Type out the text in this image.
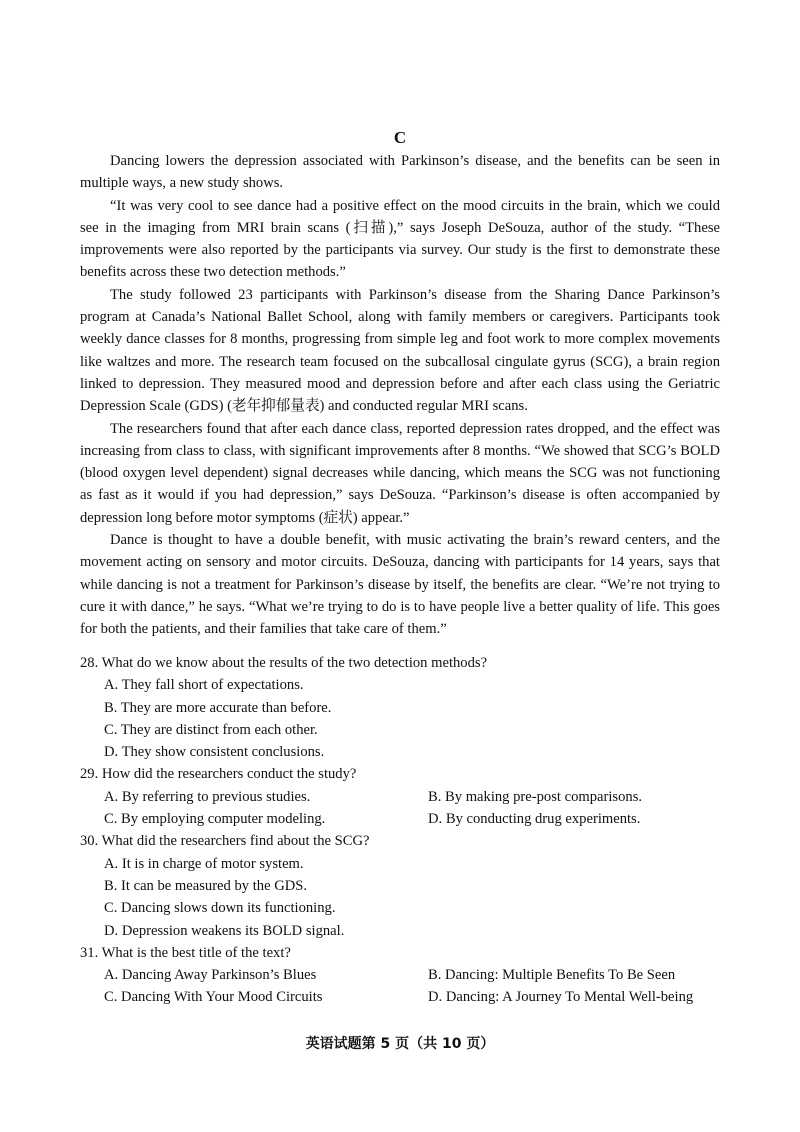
C

Dancing lowers the depression associated with Parkinson’s disease, and the benefits can be seen in multiple ways, a new study shows.

“It was very cool to see dance had a positive effect on the mood circuits in the brain, which we could see in the imaging from MRI brain scans (扫描),” says Joseph DeSouza, author of the study. “These improvements were also reported by the participants via survey. Our study is the first to demonstrate these benefits across these two detection methods.”

The study followed 23 participants with Parkinson’s disease from the Sharing Dance Parkinson’s program at Canada’s National Ballet School, along with family members or caregivers. Participants took weekly dance classes for 8 months, progressing from simple leg and foot work to more complex movements like waltzes and more. The research team focused on the subcallosal cingulate gyrus (SCG), a brain region linked to depression. They measured mood and depression before and after each class using the Geriatric Depression Scale (GDS) (老年抑郁量表) and conducted regular MRI scans.

The researchers found that after each dance class, reported depression rates dropped, and the effect was increasing from class to class, with significant improvements after 8 months. “We showed that SCG’s BOLD (blood oxygen level dependent) signal decreases while dancing, which means the SCG was not functioning as fast as it would if you had depression,” says DeSouza. “Parkinson’s disease is often accompanied by depression long before motor symptoms (症状) appear.”

Dance is thought to have a double benefit, with music activating the brain’s reward centers, and the movement acting on sensory and motor circuits. DeSouza, dancing with participants for 14 years, says that while dancing is not a treatment for Parkinson’s disease by itself, the benefits are clear. “We’re not trying to cure it with dance,” he says. “What we’re trying to do is to have people live a better quality of life. This goes for both the patients, and their families that take care of them.”

28. What do we know about the results of the two detection methods?

A. They fall short of expectations.

B. They are more accurate than before.

C. They are distinct from each other.

D. They show consistent conclusions.

29. How did the researchers conduct the study?

A. By referring to previous studies.	B. By making pre-post comparisons.
C. By employing computer modeling.	D. By conducting drug experiments.

30. What did the researchers find about the SCG?

A. It is in charge of motor system.

B. It can be measured by the GDS.

C. Dancing slows down its functioning.

D. Depression weakens its BOLD signal.

31. What is the best title of the text?

A. Dancing Away Parkinson’s Blues	B. Dancing: Multiple Benefits To Be Seen
C. Dancing With Your Mood Circuits	D. Dancing: A Journey To Mental Well-being
英语试题第 5 页（共 10 页）
